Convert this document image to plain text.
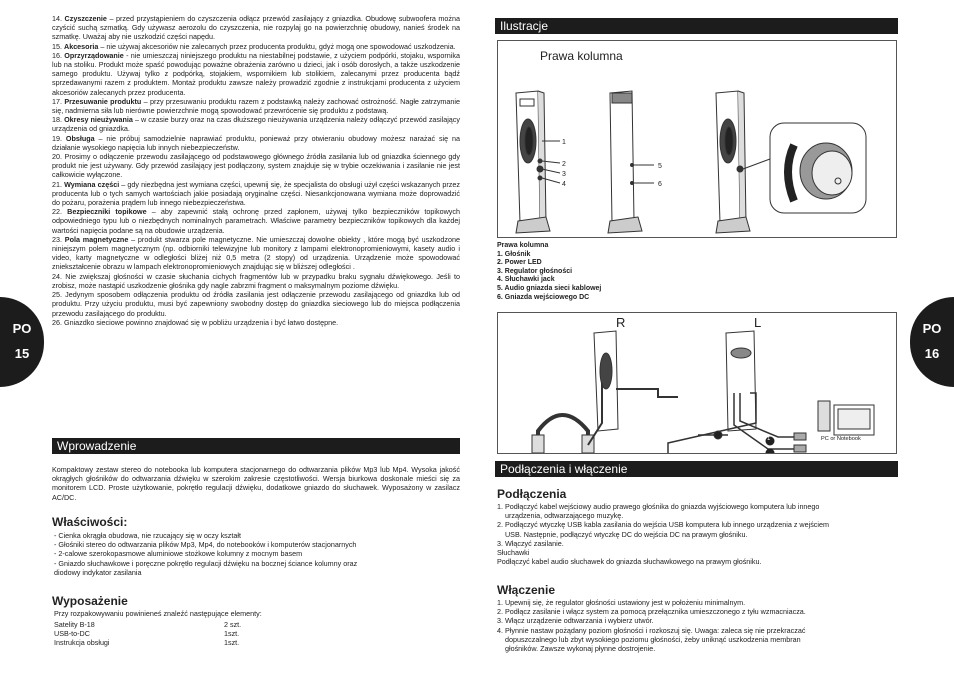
PO
15

14. Czyszczenie – przed przystąpieniem do czyszczenia odłącz przewód zasilający z gniazdka. Obudowę subwoofera można czyścić suchą szmatką. Gdy używasz aerozolu do czyszczenia, nie rozpylaj go na powierzchnię obudowy, nanieś środek na szmatkę. Uważaj aby nie uszkodzić części napędu.

15. Akcesoria – nie używaj akcesoriów nie zalecanych przez producenta produktu, gdyż mogą one spowodować uszkodzenia.

16. Oprzyrządowanie - nie umieszczaj niniejszego produktu na niestabilnej podstawie, z użyciem podpórki, stojaku, wspornika lub na stoliku. Produkt może spaść powodując poważne obrażenia zarówno u dzieci, jak i osób dorosłych, a także uszkodzenie samego produktu. Używaj tylko z podpórką, stojakiem, wspornikiem lub stolikiem, zalecanymi przez producenta bądź sprzedawanymi razem z produktem. Montaż produktu zawsze należy prowadzić zgodnie z instrukcjami producenta z użyciem akcesoriów zalecanych przez producenta.

17. Przesuwanie produktu – przy przesuwaniu produktu razem z podstawką należy zachować ostrożność. Nagłe zatrzymanie się, nadmierna siła lub nierówne powierzchnie mogą spowodować przewrócenie się produktu z podstawą.

18. Okresy nieużywania – w czasie burzy oraz na czas dłuższego nieużywania urządzenia należy odłączyć przewód zasilający urządzenia od gniazdka.

19. Obsługa – nie próbuj samodzielnie naprawiać produktu, ponieważ przy otwieraniu obudowy możesz narażać się na działanie wysokiego napięcia lub innych niebezpieczeństw.

20. Prosimy o odłączenie przewodu zasilającego od podstawowego głównego źródła zasilania lub od gniazdka ściennego gdy produkt nie jest używany. Gdy przewód zasilający jest podłączony, system znajduje się w trybie oczekiwania i zasilanie nie jest całkowicie wyłączone.

21. Wymiana części – gdy niezbędna jest wymiana części, upewnij się, że specjalista do obsługi użył części wskazanych przez producenta lub o tych samych wartościach jakie posiadają oryginalne części. Niesankcjonowana wymiana może doprowadzić do pożaru, porażenia prądem lub innego niebezpieczeństwa.

22. Bezpieczniki topikowe – aby zapewnić stałą ochronę przed zapłonem, używaj tylko bezpieczników topikowych odpowiedniego typu lub o niezbędnych nominalnych parametrach. Właściwe parametry bezpieczników topikowych dla każdej wartości napięcia podane są na obudowie urządzenia.

23. Pola magnetyczne – produkt stwarza pole magnetyczne. Nie umieszczaj dowolne obiekty , które mogą być uszkodzone niniejszym polem magnetycznym (np. odbiorniki telewizyjne lub monitory z lampami elektronopromieniowymi, kasety audio i video, karty magnetyczne w odległości bliżej niż 0,5 metra (2 stopy) od urządzenia. Urządzenie może spowodować zniekształcenie obrazu w lampach elektronopromieniowych znajdując się w bliższej odległości .

24. Nie zwiększaj głośności w czasie słuchania cichych fragmentów lub w przypadku braku sygnału dźwiękowego. Jeśli to zrobisz, może nastąpić uszkodzenie głośnika gdy nagle zabrzmi fragment o maksymalnym poziome dźwięku.

25. Jedynym sposobem odłączenia produktu od źródła zasilania jest odłączenie przewodu zasilającego od gniazdka lub od produktu. Przy użyciu produktu, musi być zapewniony swobodny dostęp do gniazdka sieciowego lub do miejsca podłączenia przewodu zasilającego do produktu.

26. Gniazdko sieciowe powinno znajdować się w pobliżu urządzenia i być łatwo dostępne.

Wprowadzenie
Kompaktowy zestaw stereo do notebooka lub komputera stacjonarnego do odtwarzania plików Mp3 lub Mp4. Wysoka jakość okrągłych głośników do odtwarzania dźwięku w szerokim zakresie częstotliwości. Wersja biurkowa doskonale mieści się za monitorem LCD. Proste użytkowanie, pokrętło regulacji dźwięku, dodatkowe gniazdo do słuchawek. Wyposażony w zasilacz AC/DC.
Właściwości:
- Cienka okrągła obudowa, nie rzucający się w oczy kształt
- Głośniki stereo do odtwarzania plików Mp3, Mp4, do notebooków i komputerów stacjonarnych
- 2-calowe szerokopasmowe aluminiowe stożkowe kolumny z mocnym basem
- Gniazdo słuchawkowe i poręczne pokrętło regulacji dźwięku na bocznej ściance kolumny oraz
diodowy indykator zasilania
Wyposażenie
Przy rozpakowywaniu powinieneś znaleźć następujące elementy:
Satelity B-18	2 szt.
USB-to-DC	1szt.
Instrukcja obsługi	1szt.
PO
16
Ilustracje
Prawa kolumna
1
2
3
4
5
6
Prawa kolumna
1. Głośnik
2. Power LED
3. Regulator głośności
4. Słuchawki jack
5. Audio gniazda sieci kablowej
6. Gniazda wejściowego DC
R	L
PC or Notebook
1
Podłączenia i włączenie
Podłączenia
1. Podłączyć kabel wejściowy audio prawego głośnika do gniazda wyjściowego komputera lub innego
urządzenia, odtwarzającego muzykę.
2. Podłączyć wtyczkę USB kabla zasilania do wejścia USB komputera lub innego urządzenia z wejściem
USB. Następnie, podłączyć wtyczkę DC do wejścia DC na prawym głośniku.
3. Włączyć zasilanie.
Słuchawki
Podłączyć kabel audio słuchawek do gniazda słuchawkowego na prawym głośniku.
Włączenie
1. Upewnij się, że regulator głośności ustawiony jest w położeniu minimalnym.
2. Podłącz zasilanie i włącz system za pomocą przełącznika umieszczonego z tyłu wzmacniacza.
3. Włącz urządzenie odtwarzania i wybierz utwór.
4. Płynnie nastaw pożądany poziom głośności i rozkoszuj się. Uwaga: zaleca się nie przekraczać
dopuszczalnego lub zbyt wysokiego poziomu głośności, żeby uniknąć uszkodzenia membran
głośników. Zawsze wykonaj płynne dostrojenie.
